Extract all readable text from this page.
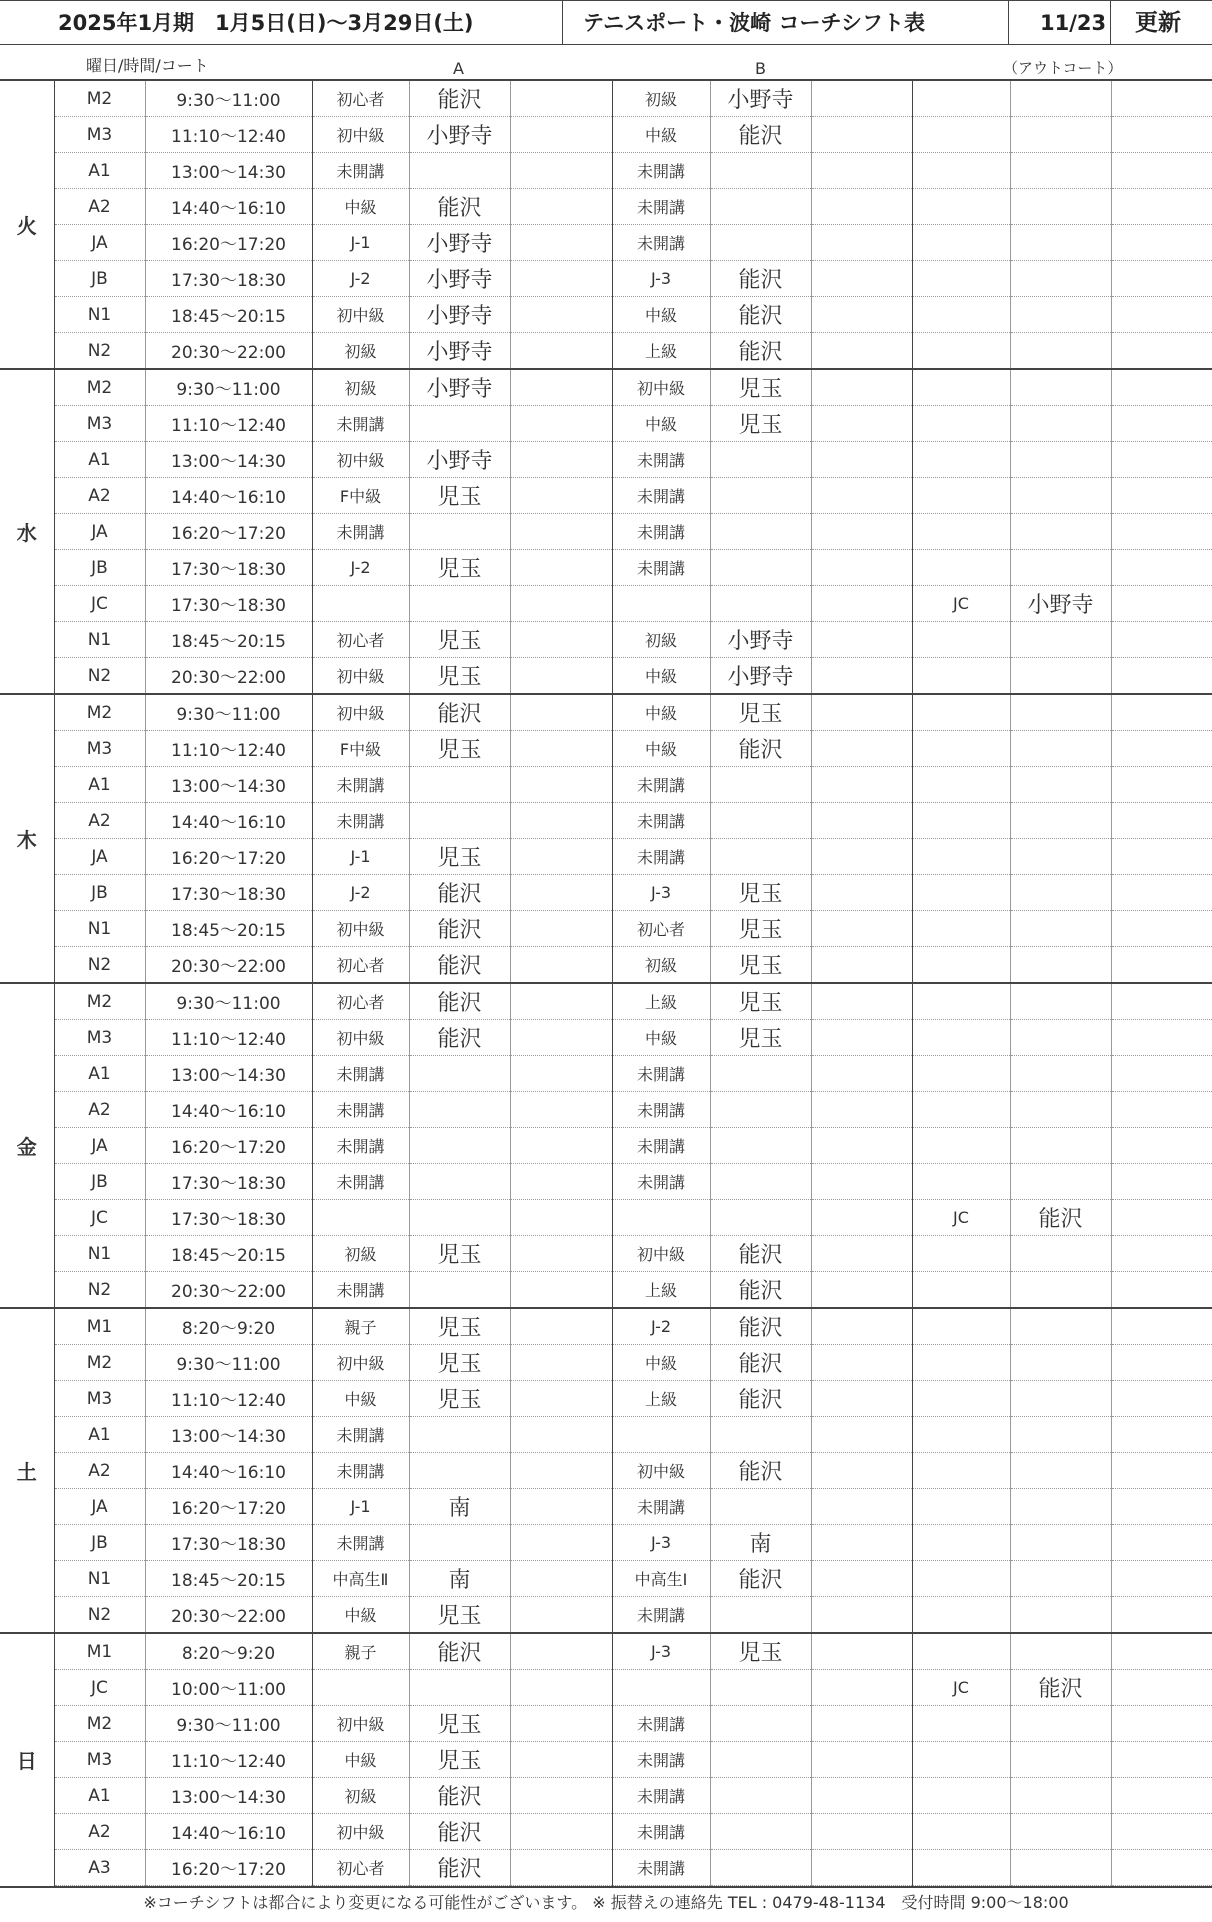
2025年1月期　1月5日(日)～3月29日(土)	テニスポート・波崎 コーチシフト表	11/23 更新
曜日/時間/コート	A	B	（アウトコート）
火	M2	9:30～11:00	初心者	能沢		初級	小野寺				
	M3	11:10～12:40	初中級	小野寺		中級	能沢				
	A1	13:00～14:30	未開講			未開講					
	A2	14:40～16:10	中級	能沢		未開講					
	JA	16:20～17:20	J-1	小野寺		未開講					
	JB	17:30～18:30	J-2	小野寺		J-3	能沢				
	N1	18:45～20:15	初中級	小野寺		中級	能沢				
	N2	20:30～22:00	初級	小野寺		上級	能沢				
水	M2	9:30～11:00	初級	小野寺		初中級	児玉				
	M3	11:10～12:40	未開講			中級	児玉				
	A1	13:00～14:30	初中級	小野寺		未開講					
	A2	14:40～16:10	F中級	児玉		未開講					
	JA	16:20～17:20	未開講			未開講					
	JB	17:30～18:30	J-2	児玉		未開講					
	JC	17:30～18:30							JC	小野寺	
	N1	18:45～20:15	初心者	児玉		初級	小野寺				
	N2	20:30～22:00	初中級	児玉		中級	小野寺				
木	M2	9:30～11:00	初中級	能沢		中級	児玉				
	M3	11:10～12:40	F中級	児玉		中級	能沢				
	A1	13:00～14:30	未開講			未開講					
	A2	14:40～16:10	未開講			未開講					
	JA	16:20～17:20	J-1	児玉		未開講					
	JB	17:30～18:30	J-2	能沢		J-3	児玉				
	N1	18:45～20:15	初中級	能沢		初心者	児玉				
	N2	20:30～22:00	初心者	能沢		初級	児玉				
金	M2	9:30～11:00	初心者	能沢		上級	児玉				
	M3	11:10～12:40	初中級	能沢		中級	児玉				
	A1	13:00～14:30	未開講			未開講					
	A2	14:40～16:10	未開講			未開講					
	JA	16:20～17:20	未開講			未開講					
	JB	17:30～18:30	未開講			未開講					
	JC	17:30～18:30							JC	能沢	
	N1	18:45～20:15	初級	児玉		初中級	能沢				
	N2	20:30～22:00	未開講			上級	能沢				
土	M1	8:20～9:20	親子	児玉		J-2	能沢				
	M2	9:30～11:00	初中級	児玉		中級	能沢				
	M3	11:10～12:40	中級	児玉		上級	能沢				
	A1	13:00～14:30	未開講								
	A2	14:40～16:10	未開講			初中級	能沢				
	JA	16:20～17:20	J-1	南		未開講					
	JB	17:30～18:30	未開講			J-3	南				
	N1	18:45～20:15	中高生Ⅱ	南		中高生Ⅰ	能沢				
	N2	20:30～22:00	中級	児玉		未開講					
日	M1	8:20～9:20	親子	能沢		J-3	児玉				
	JC	10:00～11:00							JC	能沢	
	M2	9:30～11:00	初中級	児玉		未開講					
	M3	11:10～12:40	中級	児玉		未開講					
	A1	13:00～14:30	初級	能沢		未開講					
	A2	14:40～16:10	初中級	能沢		未開講					
	A3	16:20～17:20	初心者	能沢		未開講					
※コーチシフトは都合により変更になる可能性がございます。 ※ 振替えの連絡先 TEL : 0479-48-1134　受付時間 9:00～18:00
